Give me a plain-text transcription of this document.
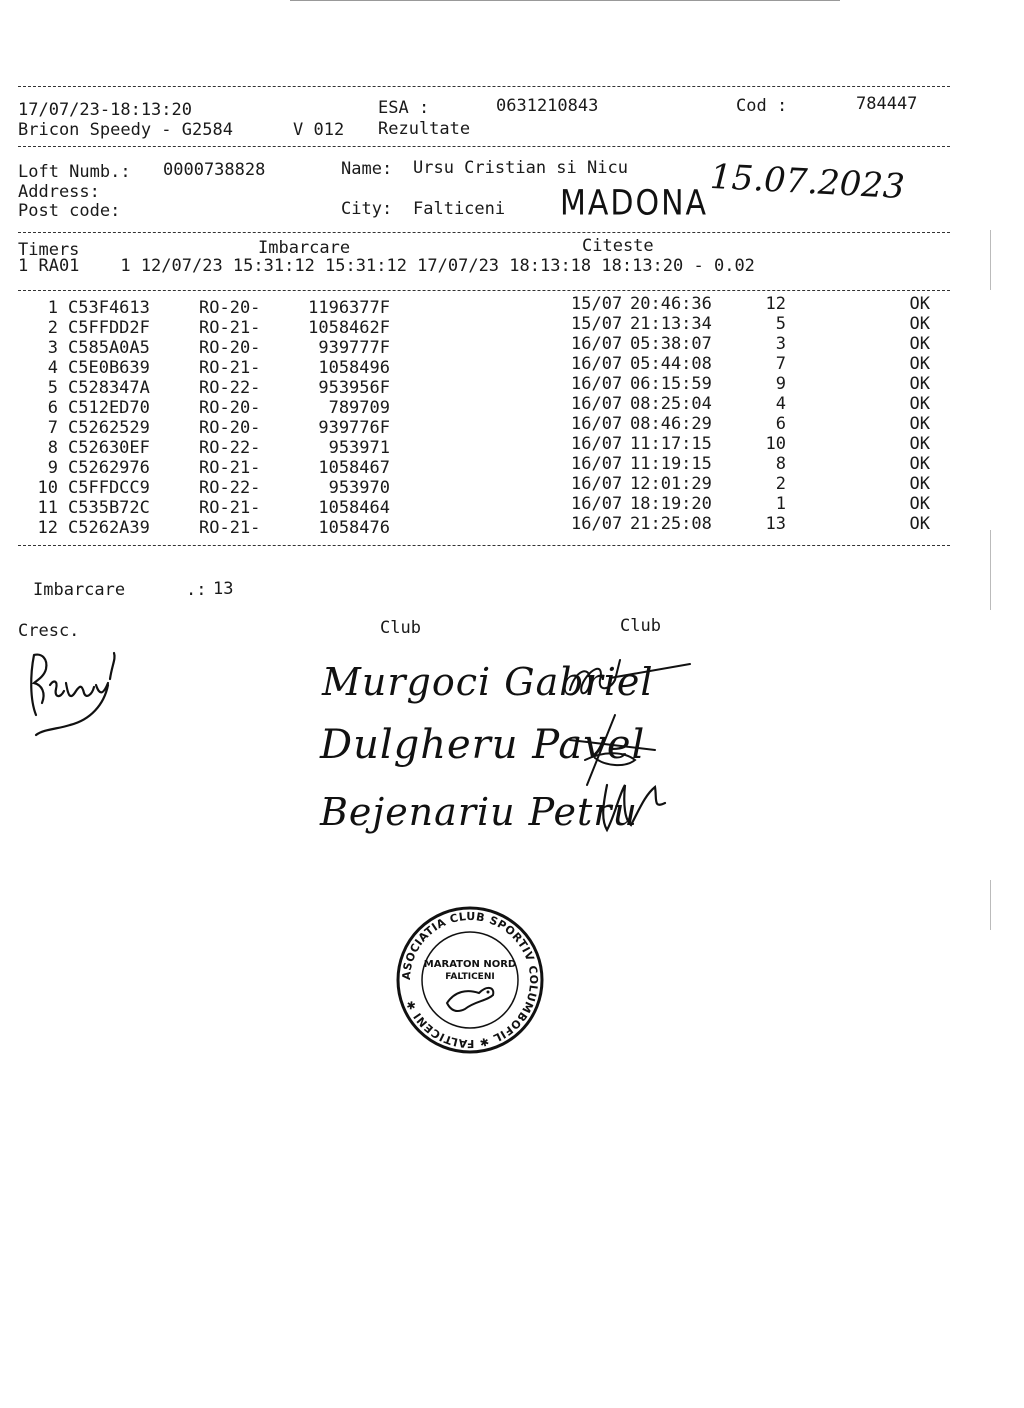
17/07/23-18:13:20	ESA :	0631210843	Cod :	784447
Bricon Speedy - G2584	V 012 Rezultate
Loft Numb.: 0000738828	Name: Ursu Cristian si Nicu
Address:
Post code:	City: Falticeni MADONA 15.07.2023
Timers	Imbarcare	Citeste
1 RA01    1 12/07/23 15:31:12 15:31:12 17/07/23 18:13:18 18:13:20 - 0.02
1 C53F4613	RO-20-	1196377F	15/07 20:46:36	12	OK
2 C5FFDD2F	RO-21-	1058462F	15/07 21:13:34	5	OK
3 C585A0A5	RO-20-	939777F	16/07 05:38:07	3	OK
4 C5E0B639	RO-21-	1058496	16/07 05:44:08	7	OK
5 C528347A	RO-22-	953956F	16/07 06:15:59	9	OK
6 C512ED70	RO-20-	789709	16/07 08:25:04	4	OK
7 C5262529	RO-20-	939776F	16/07 08:46:29	6	OK
8 C52630EF	RO-22-	953971	16/07 11:17:15	10	OK
9 C5262976	RO-21-	1058467	16/07 11:19:15	8	OK
10 C5FFDCC9	RO-22-	953970	16/07 12:01:29	2	OK
11 C535B72C	RO-21-	1058464	16/07 18:19:20	1	OK
12 C5262A39	RO-21-	1058476	16/07 21:25:08	13	OK
Imbarcare	.: 13
Cresc.	Club	Club
Murgoci Gabriel
Dulgheru Pavel
Bejenariu Petru
ASOCIATIA CLUB SPORTIV COLUMBOFIL ✱ FALTICENI ✱
MARATON NORD
FALTICENI
